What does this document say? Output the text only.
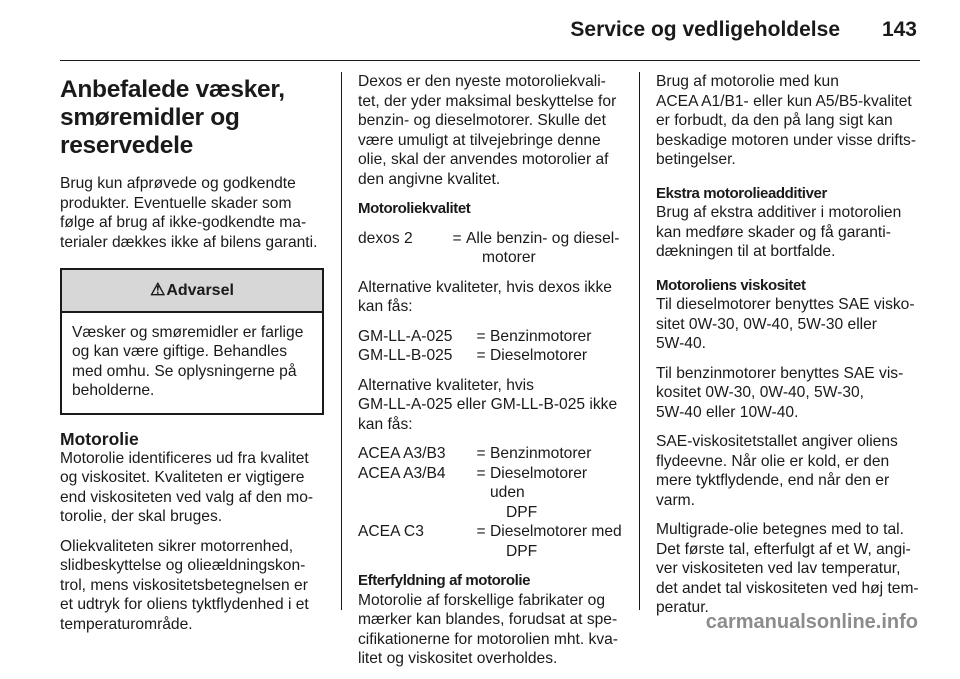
Service og vedligeholdelse 143
Anbefalede væsker,
smøremidler og
reservedele

Brug kun afprøvede og godkendte
produkter. Eventuelle skader som
følge af brug af ikke-godkendte ma-
terialer dækkes ikke af bilens garanti.

⚠Advarsel
Væsker og smøremidler er farlige
og kan være giftige. Behandles
med omhu. Se oplysningerne på
beholderne.
Motorolie

Motorolie identificeres ud fra kvalitet
og viskositet. Kvaliteten er vigtigere
end viskositeten ved valg af den mo-
torolie, der skal bruges.

Oliekvaliteten sikrer motorrenhed,
slidbeskyttelse og olieældningskon-
trol, mens viskositetsbetegnelsen er
et udtryk for oliens tyktflydenhed i et
temperaturområde.

Dexos er den nyeste motoroliekvali-
tet, der yder maksimal beskyttelse for
benzin- og dieselmotorer. Skulle det
være umuligt at tilvejebringe denne
olie, skal der anvendes motorolier af
den angivne kvalitet.

Motoroliekvalitet

dexos 2	=	Alle benzin- og diesel-
motorer

Alternative kvaliteter, hvis dexos ikke
kan fås:

GM-LL-A-025	=	Benzinmotorer
GM-LL-B-025	=	Dieselmotorer

Alternative kvaliteter, hvis
GM-LL-A-025 eller GM-LL-B-025 ikke
kan fås:

ACEA A3/B3	=	Benzinmotorer
ACEA A3/B4	=	Dieselmotorer uden
DPF
ACEA C3	=	Dieselmotorer med
DPF

Efterfyldning af motorolie

Motorolie af forskellige fabrikater og
mærker kan blandes, forudsat at spe-
cifikationerne for motorolien mht. kva-
litet og viskositet overholdes.

Brug af motorolie med kun
ACEA A1/B1- eller kun A5/B5-kvalitet
er forbudt, da den på lang sigt kan
beskadige motoren under visse drifts-
betingelser.

Ekstra motorolieadditiver

Brug af ekstra additiver i motorolien
kan medføre skader og få garanti-
dækningen til at bortfalde.

Motoroliens viskositet

Til dieselmotorer benyttes SAE visko-
sitet 0W-30, 0W-40, 5W-30 eller
5W-40.

Til benzinmotorer benyttes SAE vis-
kositet 0W-30, 0W-40, 5W-30,
5W-40 eller 10W-40.

SAE-viskositetstallet angiver oliens
flydeevne. Når olie er kold, er den
mere tyktflydende, end når den er
varm.

Multigrade-olie betegnes med to tal.
Det første tal, efterfulgt af et W, angi-
ver viskositeten ved lav temperatur,
det andet tal viskositeten ved høj tem-
peratur.

carmanualsonline.info
